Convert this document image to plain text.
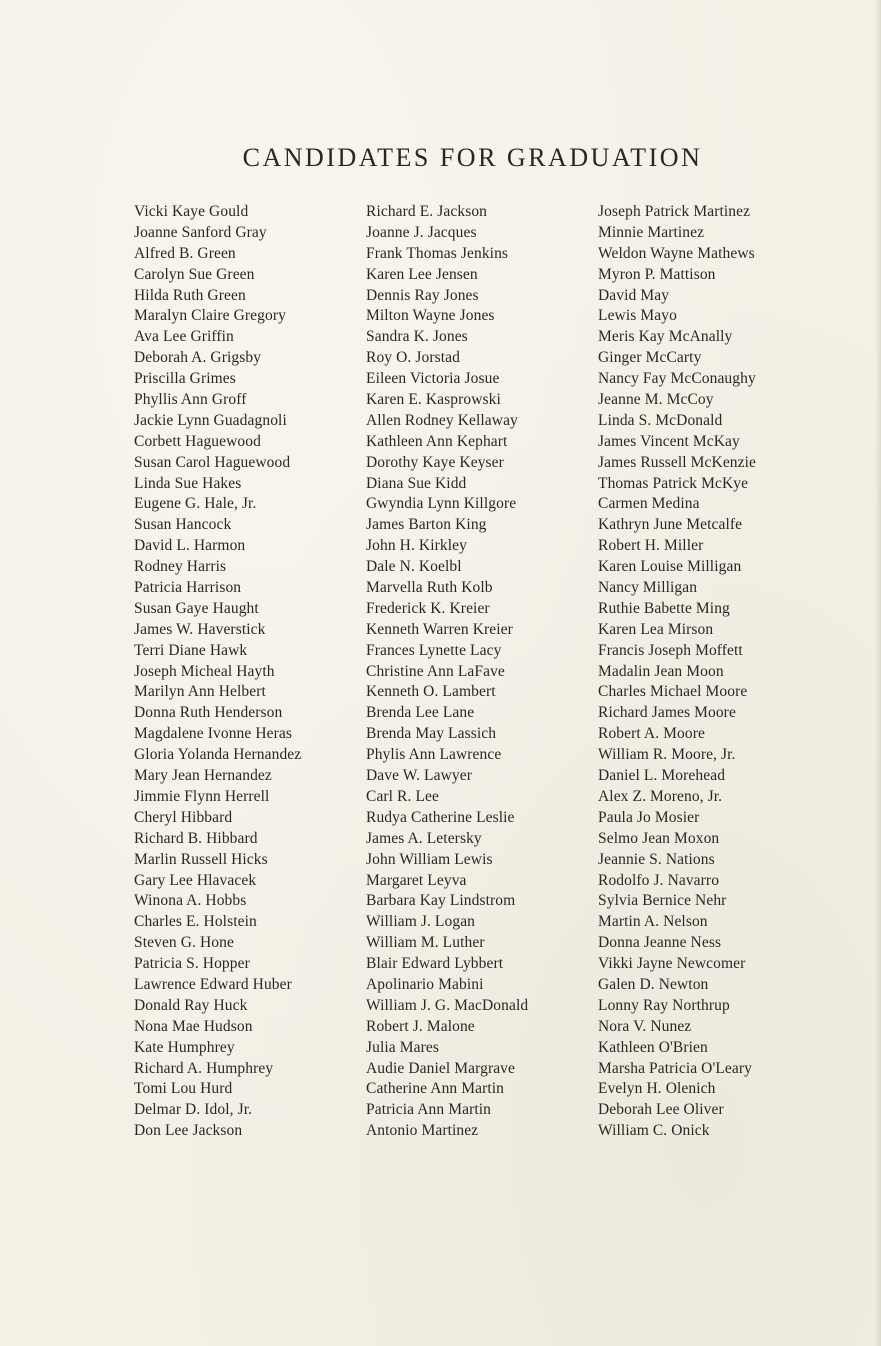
CANDIDATES FOR GRADUATION
Vicki Kaye Gould
Joanne Sanford Gray
Alfred B. Green
Carolyn Sue Green
Hilda Ruth Green
Maralyn Claire Gregory
Ava Lee Griffin
Deborah A. Grigsby
Priscilla Grimes
Phyllis Ann Groff
Jackie Lynn Guadagnoli
Corbett Haguewood
Susan Carol Haguewood
Linda Sue Hakes
Eugene G. Hale, Jr.
Susan Hancock
David L. Harmon
Rodney Harris
Patricia Harrison
Susan Gaye Haught
James W. Haverstick
Terri Diane Hawk
Joseph Micheal Hayth
Marilyn Ann Helbert
Donna Ruth Henderson
Magdalene Ivonne Heras
Gloria Yolanda Hernandez
Mary Jean Hernandez
Jimmie Flynn Herrell
Cheryl Hibbard
Richard B. Hibbard
Marlin Russell Hicks
Gary Lee Hlavacek
Winona A. Hobbs
Charles E. Holstein
Steven G. Hone
Patricia S. Hopper
Lawrence Edward Huber
Donald Ray Huck
Nona Mae Hudson
Kate Humphrey
Richard A. Humphrey
Tomi Lou Hurd
Delmar D. Idol, Jr.
Don Lee Jackson
Richard E. Jackson
Joanne J. Jacques
Frank Thomas Jenkins
Karen Lee Jensen
Dennis Ray Jones
Milton Wayne Jones
Sandra K. Jones
Roy O. Jorstad
Eileen Victoria Josue
Karen E. Kasprowski
Allen Rodney Kellaway
Kathleen Ann Kephart
Dorothy Kaye Keyser
Diana Sue Kidd
Gwyndia Lynn Killgore
James Barton King
John H. Kirkley
Dale N. Koelbl
Marvella Ruth Kolb
Frederick K. Kreier
Kenneth Warren Kreier
Frances Lynette Lacy
Christine Ann LaFave
Kenneth O. Lambert
Brenda Lee Lane
Brenda May Lassich
Phylis Ann Lawrence
Dave W. Lawyer
Carl R. Lee
Rudya Catherine Leslie
James A. Letersky
John William Lewis
Margaret Leyva
Barbara Kay Lindstrom
William J. Logan
William M. Luther
Blair Edward Lybbert
Apolinario Mabini
William J. G. MacDonald
Robert J. Malone
Julia Mares
Audie Daniel Margrave
Catherine Ann Martin
Patricia Ann Martin
Antonio Martinez
Joseph Patrick Martinez
Minnie Martinez
Weldon Wayne Mathews
Myron P. Mattison
David May
Lewis Mayo
Meris Kay McAnally
Ginger McCarty
Nancy Fay McConaughy
Jeanne M. McCoy
Linda S. McDonald
James Vincent McKay
James Russell McKenzie
Thomas Patrick McKye
Carmen Medina
Kathryn June Metcalfe
Robert H. Miller
Karen Louise Milligan
Nancy Milligan
Ruthie Babette Ming
Karen Lea Mirson
Francis Joseph Moffett
Madalin Jean Moon
Charles Michael Moore
Richard James Moore
Robert A. Moore
William R. Moore, Jr.
Daniel L. Morehead
Alex Z. Moreno, Jr.
Paula Jo Mosier
Selmo Jean Moxon
Jeannie S. Nations
Rodolfo J. Navarro
Sylvia Bernice Nehr
Martin A. Nelson
Donna Jeanne Ness
Vikki Jayne Newcomer
Galen D. Newton
Lonny Ray Northrup
Nora V. Nunez
Kathleen O'Brien
Marsha Patricia O'Leary
Evelyn H. Olenich
Deborah Lee Oliver
William C. Onick
